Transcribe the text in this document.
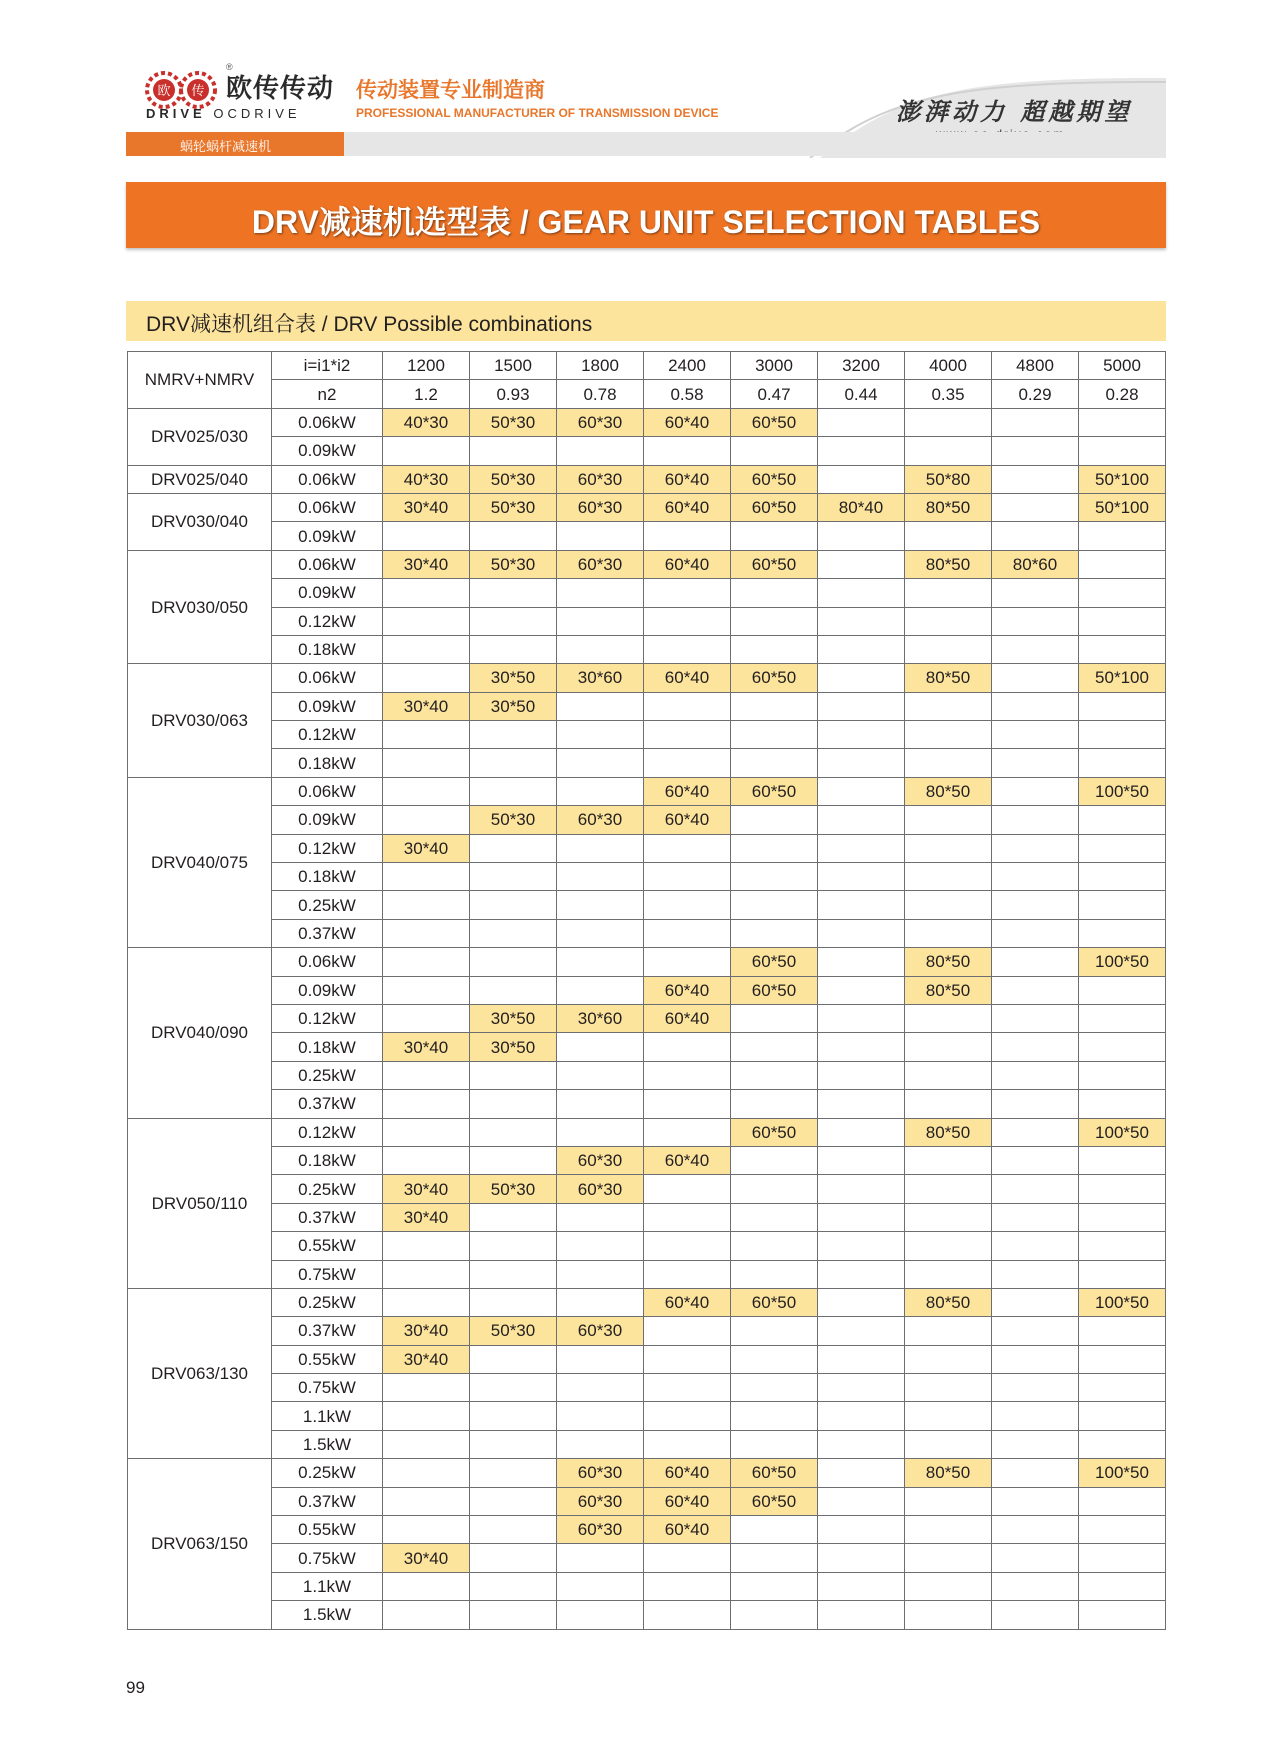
欧 传
®
欧传传动
DRIVE OCDRIVE
传动装置专业制造商
PROFESSIONAL MANUFACTURER OF TRANSMISSION DEVICE	澎湃动力 超越期望
蜗轮蜗杆减速机
DRV减速机选型表 / GEAR UNIT SELECTION TABLES
DRV减速机组合表 / DRV Possible combinations
NMRV+NMRV	i=i1*i2	1200	1500	1800	2400	3000	3200	4000	4800	5000
	n2	1.2	0.93	0.78	0.58	0.47	0.44	0.35	0.29	0.28
DRV025/030	0.06kW	40*30	50*30	60*30	60*40	60*50				
	0.09kW									
DRV025/040	0.06kW	40*30	50*30	60*30	60*40	60*50		50*80		50*100
DRV030/040	0.06kW	30*40	50*30	60*30	60*40	60*50	80*40	80*50		50*100
	0.09kW									
DRV030/050	0.06kW	30*40	50*30	60*30	60*40	60*50		80*50	80*60	
	0.09kW									
	0.12kW									
	0.18kW									
DRV030/063	0.06kW		30*50	30*60	60*40	60*50		80*50		50*100
	0.09kW	30*40	30*50							
	0.12kW									
	0.18kW									
DRV040/075	0.06kW				60*40	60*50		80*50		100*50
	0.09kW		50*30	60*30	60*40					
	0.12kW	30*40								
	0.18kW									
	0.25kW									
	0.37kW									
DRV040/090	0.06kW					60*50		80*50		100*50
	0.09kW				60*40	60*50		80*50		
	0.12kW		30*50	30*60	60*40					
	0.18kW	30*40	30*50							
	0.25kW									
	0.37kW									
DRV050/110	0.12kW					60*50		80*50		100*50
	0.18kW			60*30	60*40					
	0.25kW	30*40	50*30	60*30						
	0.37kW	30*40								
	0.55kW									
	0.75kW									
DRV063/130	0.25kW				60*40	60*50		80*50		100*50
	0.37kW	30*40	50*30	60*30						
	0.55kW	30*40								
	0.75kW									
	1.1kW									
	1.5kW									
DRV063/150	0.25kW			60*30	60*40	60*50		80*50		100*50
	0.37kW			60*30	60*40	60*50				
	0.55kW			60*30	60*40					
	0.75kW	30*40								
	1.1kW									
	1.5kW									
99
